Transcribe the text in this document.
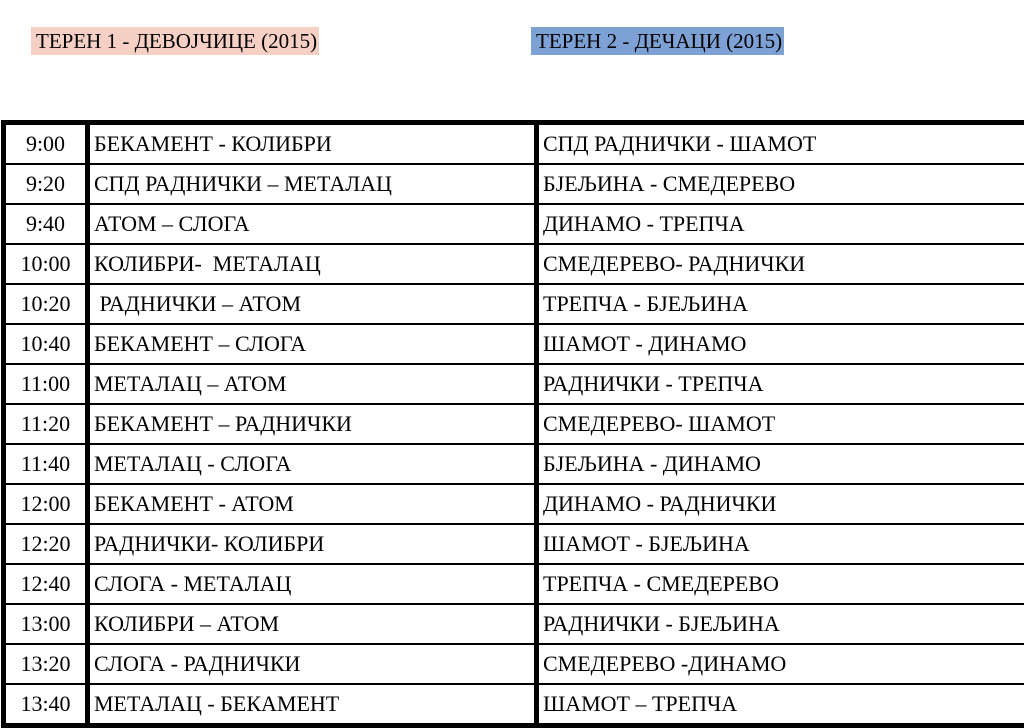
ТЕРЕН 1 - ДЕВОЈЧИЦЕ (2015)	ТЕРЕН 2 - ДЕЧАЦИ (2015)
9:00	БЕКАМЕНТ - КОЛИБРИ	СПД РАДНИЧКИ - ШАМОТ
9:20	СПД РАДНИЧКИ – МЕТАЛАЦ	БЈЕЉИНА - СМЕДЕРЕВО
9:40	АТОМ – СЛОГА	ДИНАМО - ТРЕПЧА
10:00	КОЛИБРИ-  МЕТАЛАЦ	СМЕДЕРЕВО- РАДНИЧКИ
10:20	РАДНИЧКИ – АТОМ	ТРЕПЧА - БЈЕЉИНА
10:40	БЕКАМЕНТ – СЛОГА	ШАМОТ - ДИНАМО
11:00	МЕТАЛАЦ – АТОМ	РАДНИЧКИ - ТРЕПЧА
11:20	БЕКАМЕНТ – РАДНИЧКИ	СМЕДЕРЕВО- ШАМОТ
11:40	МЕТАЛАЦ - СЛОГА	БЈЕЉИНА - ДИНАМО
12:00	БЕКАМЕНТ - АТОМ	ДИНАМО - РАДНИЧКИ
12:20	РАДНИЧКИ- КОЛИБРИ	ШАМОТ - БЈЕЉИНА
12:40	СЛОГА - МЕТАЛАЦ	ТРЕПЧА - СМЕДЕРЕВО
13:00	КОЛИБРИ – АТОМ	РАДНИЧКИ - БЈЕЉИНА
13:20	СЛОГА - РАДНИЧКИ	СМЕДЕРЕВО -ДИНАМО
13:40	МЕТАЛАЦ - БЕКАМЕНТ	ШАМОТ – ТРЕПЧА
